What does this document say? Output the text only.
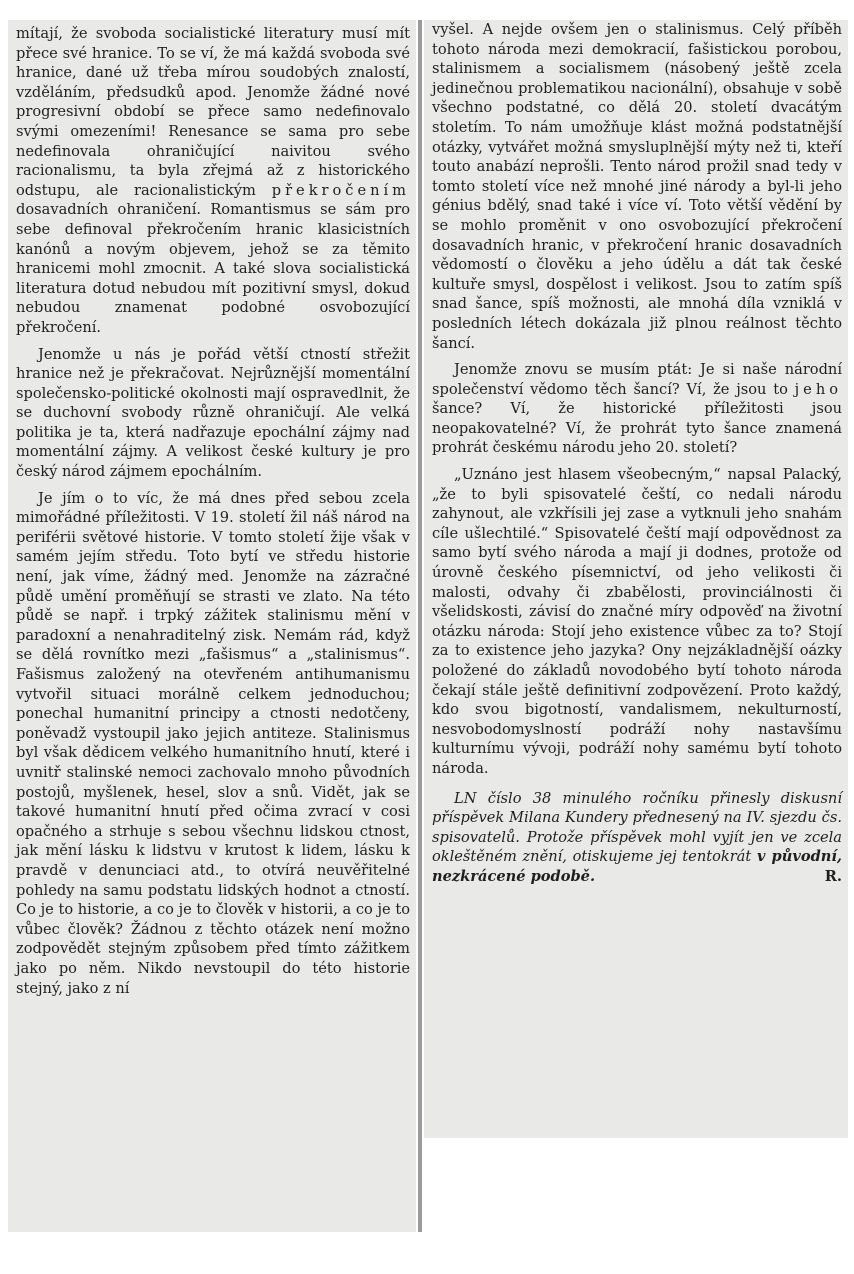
mítají, že svoboda socialistické literatury musí mít přece své hranice. To se ví, že má každá svoboda své hranice, dané už třeba mírou soudobých znalostí, vzděláním, předsudků apod. Jenomže žádné nové progresivní období se přece samo nedefinovalo svými omezeními! Renesance se sama pro sebe nedefinovala ohraničující naivitou svého racionalismu, ta byla zřejmá až z historického odstupu, ale racionalistickým překročením dosavadních ohraničení. Romantismus se sám pro sebe definoval překročením hranic klasicistních kanónů a novým objevem, jehož se za těmito hranicemi mohl zmocnit. A také slova socialistická literatura dotud nebudou mít pozitivní smysl, dokud nebudou znamenat podobné osvobozující překročení.

Jenomže u nás je pořád větší ctností střežit hranice než je překračovat. Nejrůznější momentální společensko-politické okolnosti mají ospravedlnit, že se duchovní svobody různě ohraničují. Ale velká politika je ta, která nadřazuje epochální zájmy nad momentální zájmy. A velikost české kultury je pro český národ zájmem epochálním.

Je jím o to víc, že má dnes před sebou zcela mimořádné příležitosti. V 19. století žil náš národ na periférii světové historie. V tomto století žije však v samém jejím středu. Toto bytí ve středu historie není, jak víme, žádný med. Jenomže na zázračné půdě umění proměňují se strasti ve zlato. Na této půdě se např. i trpký zážitek stalinismu mění v paradoxní a nenahraditelný zisk. Nemám rád, když se dělá rovnítko mezi „fašismus“ a „stalinismus“. Fašismus založený na otevřeném antihumanismu vytvořil situaci morálně celkem jednoduchou; ponechal humanitní principy a ctnosti nedotčeny, poněvadž vystoupil jako jejich antiteze. Stalinismus byl však dědicem velkého humanitního hnutí, které i uvnitř stalinské nemoci zachovalo mnoho původních postojů, myšlenek, hesel, slov a snů. Vidět, jak se takové humanitní hnutí před očima zvrací v cosi opačného a strhuje s sebou všechnu lidskou ctnost, jak mění lásku k lidstvu v krutost k lidem, lásku k pravdě v denunciaci atd., to otvírá neuvěřitelné pohledy na samu podstatu lidských hodnot a ctností. Co je to historie, a co je to člověk v historii, a co je to vůbec člověk? Žádnou z těchto otázek není možno zodpovědět stejným způsobem před tímto zážitkem jako po něm. Nikdo nevstoupil do této historie stejný, jako z ní

vyšel. A nejde ovšem jen o stalinismus. Celý příběh tohoto národa mezi demokracií, fašistickou porobou, stalinismem a socialismem (násobený ještě zcela jedinečnou problematikou nacionální), obsahuje v sobě všechno podstatné, co dělá 20. století dvacátým stoletím. To nám umožňuje klást možná podstatnější otázky, vytvářet možná smysluplnější mýty než ti, kteří touto anabází neprošli. Tento národ prožil snad tedy v tomto století více než mnohé jiné národy a byl-li jeho génius bdělý, snad také i více ví. Toto větší vědění by se mohlo proměnit v ono osvobozující překročení dosavadních hranic, v překročení hranic dosavadních vědomostí o člověku a jeho údělu a dát tak české kultuře smysl, dospělost i velikost. Jsou to zatím spíš snad šance, spíš možnosti, ale mnohá díla vzniklá v posledních létech dokázala již plnou reálnost těchto šancí.

Jenomže znovu se musím ptát: Je si naše národní společenství vědomo těch šancí? Ví, že jsou to jeho šance? Ví, že historické příležitosti jsou neopakovatelné? Ví, že prohrát tyto šance znamená prohrát českému národu jeho 20. století?

„Uznáno jest hlasem všeobecným,“ napsal Palacký, „že to byli spisovatelé čeští, co nedali národu zahynout, ale vzkřísili jej zase a vytknuli jeho snahám cíle ušlechtilé.“ Spisovatelé čeští mají odpovědnost za samo bytí svého národa a mají ji dodnes, protože od úrovně českého písemnictví, od jeho velikosti či malosti, odvahy či zbabělosti, provinciálnosti či všelidskosti, závisí do značné míry odpověď na životní otázku národa: Stojí jeho existence vůbec za to? Stojí za to existence jeho jazyka? Ony nejzákladnější oázky položené do základů novodobého bytí tohoto národa čekají stále ještě definitivní zodpovězení. Proto každý, kdo svou bigotností, vandalismem, nekulturností, nesvobodomyslností podráží nohy nastavšímu kulturnímu vývoji, podráží nohy samému bytí tohoto národa.

LN číslo 38 minulého ročníku přinesly diskusní příspěvek Milana Kundery přednesený na IV. sjezdu čs. spisovatelů. Protože příspěvek mohl vyjít jen ve zcela okleštěném znění, otiskujeme jej tentokrát v původní, nezkrácené podobě.	R.
